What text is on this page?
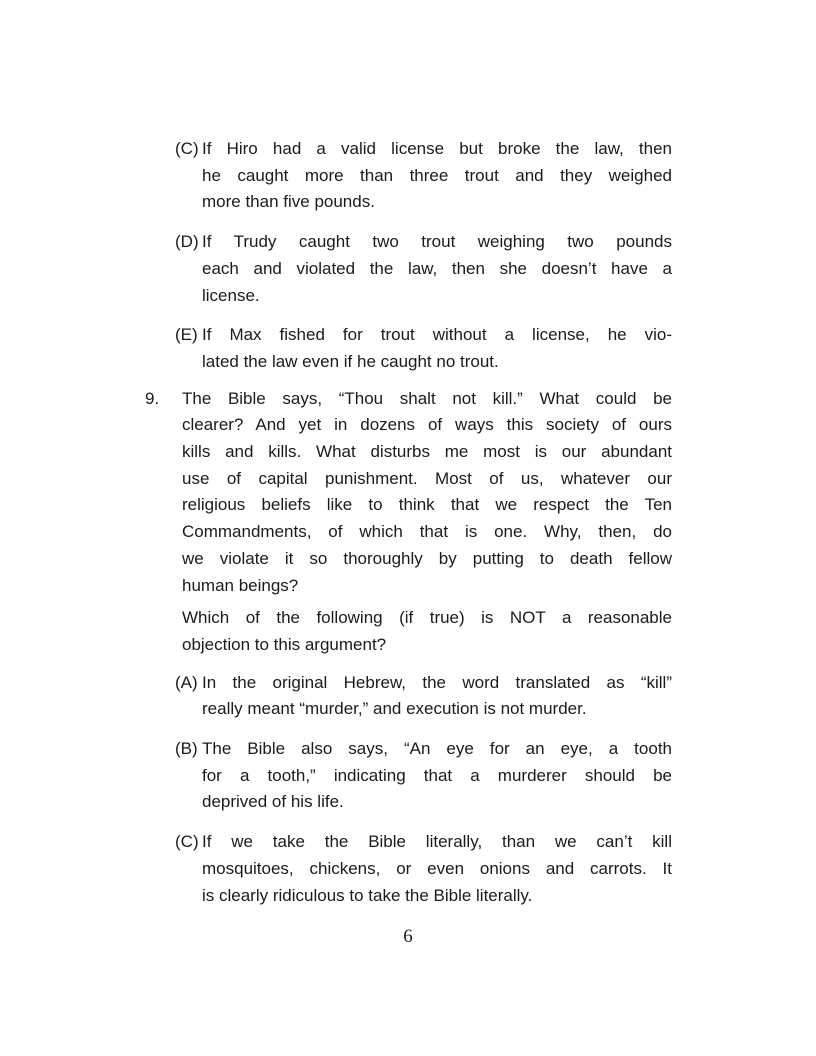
(C) If Hiro had a valid license but broke the law, then
he caught more than three trout and they weighed
more than five pounds.
(D) If Trudy caught two trout weighing two pounds
each and violated the law, then she doesn’t have a
license.
(E) If Max fished for trout without a license, he vio-
lated the law even if he caught no trout.
9. The Bible says, “Thou shalt not kill.” What could be
clearer? And yet in dozens of ways this society of ours
kills and kills. What disturbs me most is our abundant
use of capital punishment. Most of us, whatever our
religious beliefs like to think that we respect the Ten
Commandments, of which that is one. Why, then, do
we violate it so thoroughly by putting to death fellow
human beings?
Which of the following (if true) is NOT a reasonable
objection to this argument?
(A) In the original Hebrew, the word translated as “kill”
really meant “murder,” and execution is not murder.
(B) The Bible also says, “An eye for an eye, a tooth
for a tooth,” indicating that a murderer should be
deprived of his life.
(C) If we take the Bible literally, than we can’t kill
mosquitoes, chickens, or even onions and carrots. It
is clearly ridiculous to take the Bible literally.
6
